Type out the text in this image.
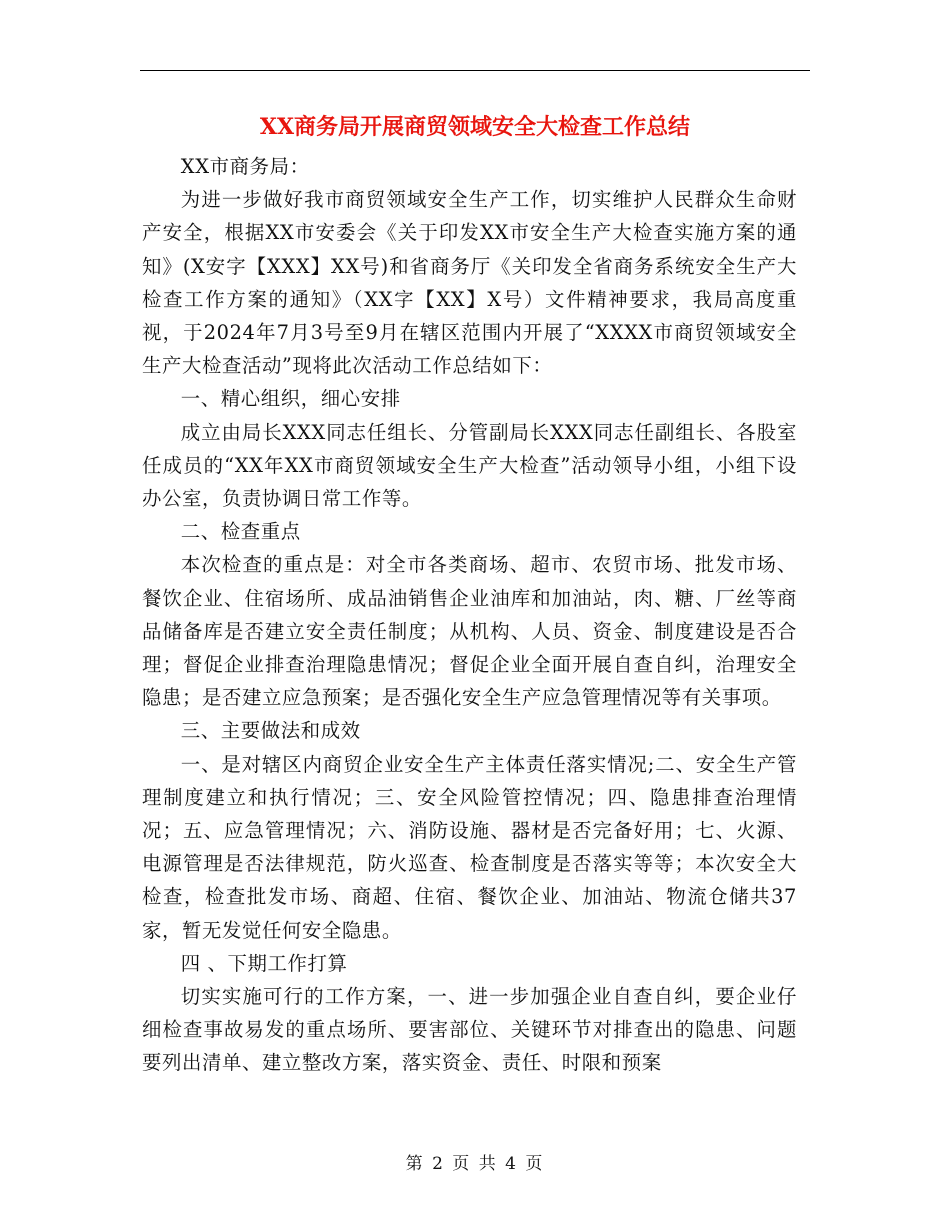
XX商务局开展商贸领域安全大检查工作总结

XX市商务局：

为进一步做好我市商贸领域安全生产工作，切实维护人民群众生命财产安全，根据XX市安委会《关于印发XX市安全生产大检查实施方案的通知》(X安字【XXX】XX号)和省商务厅《关印发全省商务系统安全生产大检查工作方案的通知》（XX字【XX】X号）文件精神要求，我局高度重视，于2024年7月3号至9月在辖区范围内开展了“XXXX市商贸领域安全生产大检查活动”现将此次活动工作总结如下：

一、精心组织，细心安排

成立由局长XXX同志任组长、分管副局长XXX同志任副组长、各股室任成员的“XX年XX市商贸领域安全生产大检查”活动领导小组，小组下设办公室，负责协调日常工作等。

二、检查重点

本次检查的重点是：对全市各类商场、超市、农贸市场、批发市场、餐饮企业、住宿场所、成品油销售企业油库和加油站，肉、糖、厂丝等商品储备库是否建立安全责任制度；从机构、人员、资金、制度建设是否合理；督促企业排查治理隐患情况；督促企业全面开展自查自纠，治理安全隐患；是否建立应急预案；是否强化安全生产应急管理情况等有关事项。

三、主要做法和成效

一、是对辖区内商贸企业安全生产主体责任落实情况;二、安全生产管理制度建立和执行情况；三、安全风险管控情况；四、隐患排查治理情况；五、应急管理情况；六、消防设施、器材是否完备好用；七、火源、电源管理是否法律规范，防火巡查、检查制度是否落实等等；本次安全大检查，检查批发市场、商超、住宿、餐饮企业、加油站、物流仓储共37家，暂无发觉任何安全隐患。

四 、下期工作打算

切实实施可行的工作方案，一、进一步加强企业自查自纠，要企业仔细检查事故易发的重点场所、要害部位、关键环节对排查出的隐患、问题要列出清单、建立整改方案，落实资金、责任、时限和预案

第 2 页 共 4 页
